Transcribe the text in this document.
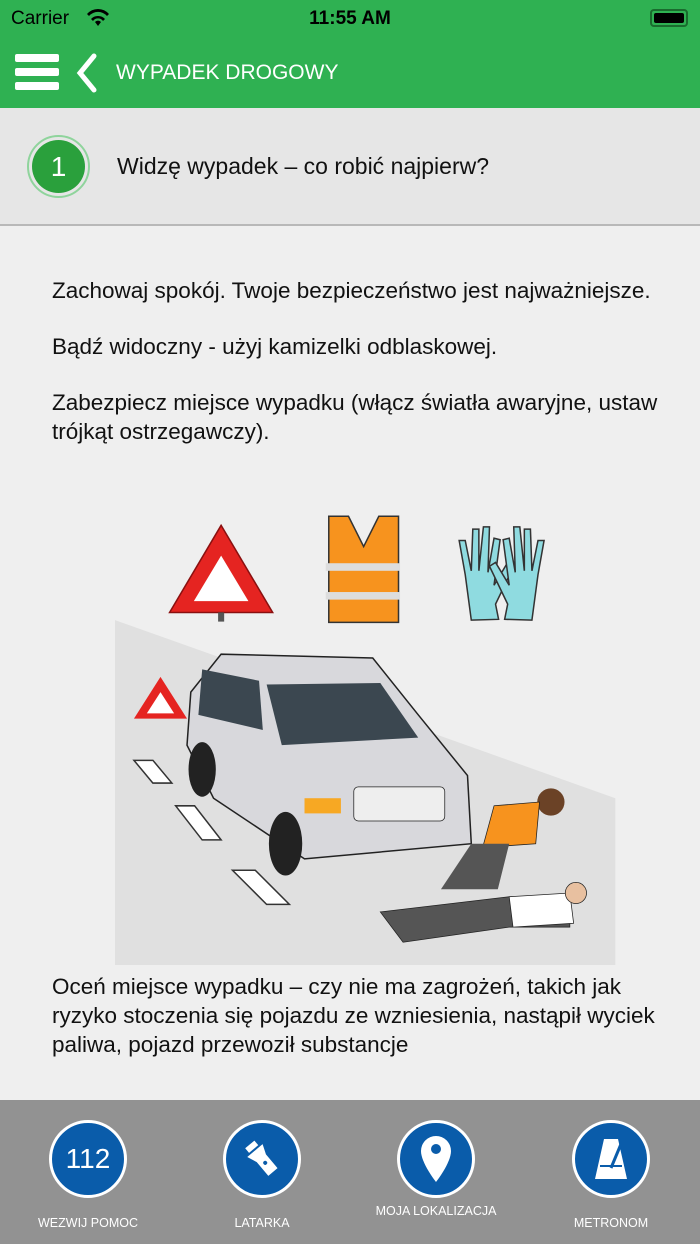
Carrier	11:55 AM
WYPADEK DROGOWY
1	Widzę wypadek – co robić najpierw?

Zachowaj spokój. Twoje bezpieczeństwo jest najważniejsze.

Bądź widoczny - użyj kamizelki odblaskowej.

Zabezpiecz miejsce wypadku (włącz światła awaryjne, ustaw trójkąt ostrzegawczy).

Oceń miejsce wypadku – czy nie ma zagrożeń, takich jak ryzyko stoczenia się pojazdu ze wzniesienia, nastąpił wyciek paliwa, pojazd przewoził substancje
112
WEZWIJ POMOC	LATARKA
MOJA LOKALIZACJA
METRONOM
